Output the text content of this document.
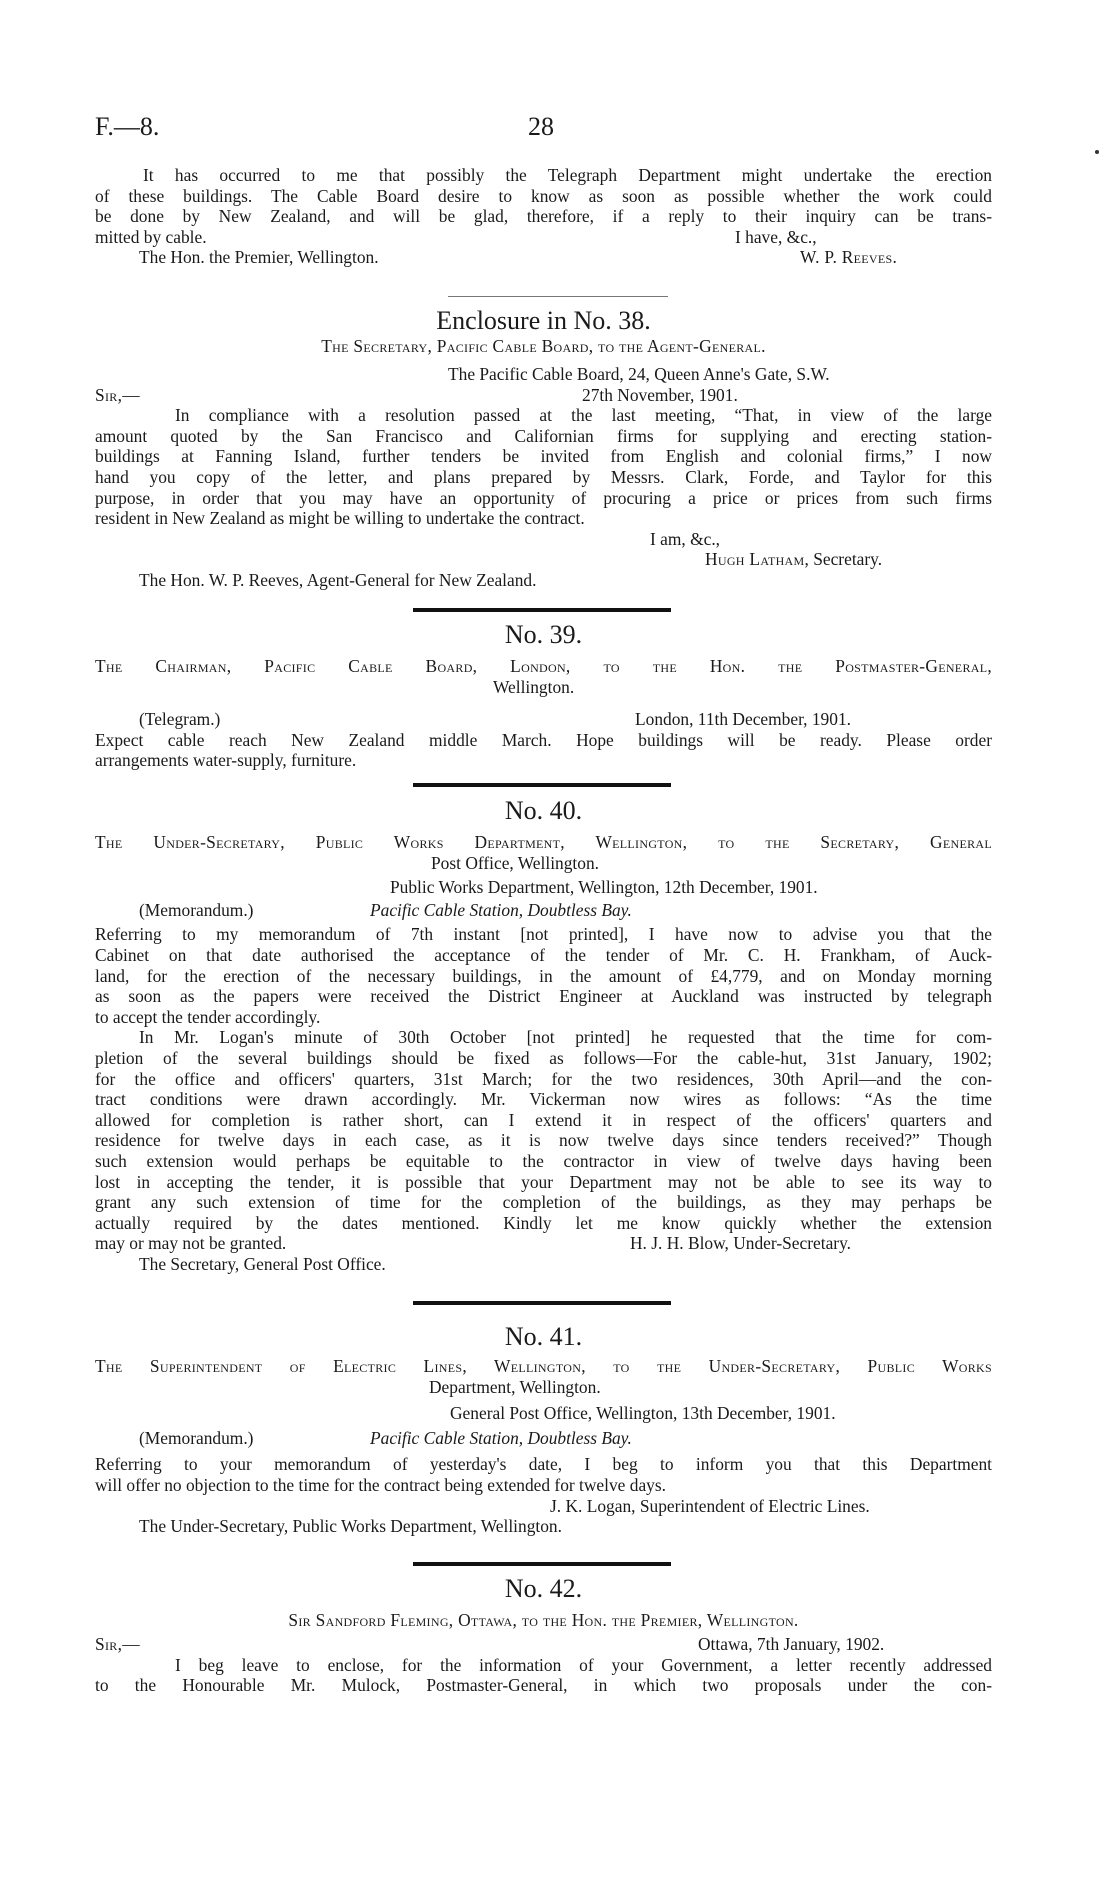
F.—8.	28
It has occurred to me that possibly the Telegraph Department might undertake the erection
of these buildings. The Cable Board desire to know as soon as possible whether the work could
be done by New Zealand, and will be glad, therefore, if a reply to their inquiry can be trans-
mitted by cable.	I have, &c.,
The Hon. the Premier, Wellington.	W. P. Reeves.
Enclosure in No. 38.
The Secretary, Pacific Cable Board, to the Agent-General.
The Pacific Cable Board, 24, Queen Anne's Gate, S.W.
Sir,—	27th November, 1901.
In compliance with a resolution passed at the last meeting, “That, in view of the large
amount quoted by the San Francisco and Californian firms for supplying and erecting station-
buildings at Fanning Island, further tenders be invited from English and colonial firms,” I now
hand you copy of the letter, and plans prepared by Messrs. Clark, Forde, and Taylor for this
purpose, in order that you may have an opportunity of procuring a price or prices from such firms
resident in New Zealand as might be willing to undertake the contract.
I am, &c.,
Hugh Latham, Secretary.
The Hon. W. P. Reeves, Agent-General for New Zealand.
No. 39.
The Chairman, Pacific Cable Board, London, to the Hon. the Postmaster-General,
Wellington.
(Telegram.)	London, 11th December, 1901.
Expect cable reach New Zealand middle March. Hope buildings will be ready. Please order
arrangements water-supply, furniture.
No. 40.
The Under-Secretary, Public Works Department, Wellington, to the Secretary, General
Post Office, Wellington.
Public Works Department, Wellington, 12th December, 1901.
(Memorandum.)	Pacific Cable Station, Doubtless Bay.
Referring to my memorandum of 7th instant [not printed], I have now to advise you that the
Cabinet on that date authorised the acceptance of the tender of Mr. C. H. Frankham, of Auck-
land, for the erection of the necessary buildings, in the amount of £4,779, and on Monday morning
as soon as the papers were received the District Engineer at Auckland was instructed by telegraph
to accept the tender accordingly.
In Mr. Logan's minute of 30th October [not printed] he requested that the time for com-
pletion of the several buildings should be fixed as follows—For the cable-hut, 31st January, 1902;
for the office and officers' quarters, 31st March; for the two residences, 30th April—and the con-
tract conditions were drawn accordingly. Mr. Vickerman now wires as follows: “As the time
allowed for completion is rather short, can I extend it in respect of the officers' quarters and
residence for twelve days in each case, as it is now twelve days since tenders received?” Though
such extension would perhaps be equitable to the contractor in view of twelve days having been
lost in accepting the tender, it is possible that your Department may not be able to see its way to
grant any such extension of time for the completion of the buildings, as they may perhaps be
actually required by the dates mentioned. Kindly let me know quickly whether the extension
may or may not be granted.	H. J. H. Blow, Under-Secretary.
The Secretary, General Post Office.
No. 41.
The Superintendent of Electric Lines, Wellington, to the Under-Secretary, Public Works
Department, Wellington.
General Post Office, Wellington, 13th December, 1901.
(Memorandum.)	Pacific Cable Station, Doubtless Bay.
Referring to your memorandum of yesterday's date, I beg to inform you that this Department
will offer no objection to the time for the contract being extended for twelve days.
J. K. Logan, Superintendent of Electric Lines.
The Under-Secretary, Public Works Department, Wellington.
No. 42.
Sir Sandford Fleming, Ottawa, to the Hon. the Premier, Wellington.
Sir,—	Ottawa, 7th January, 1902.
I beg leave to enclose, for the information of your Government, a letter recently addressed
to the Honourable Mr. Mulock, Postmaster-General, in which two proposals under the con-
